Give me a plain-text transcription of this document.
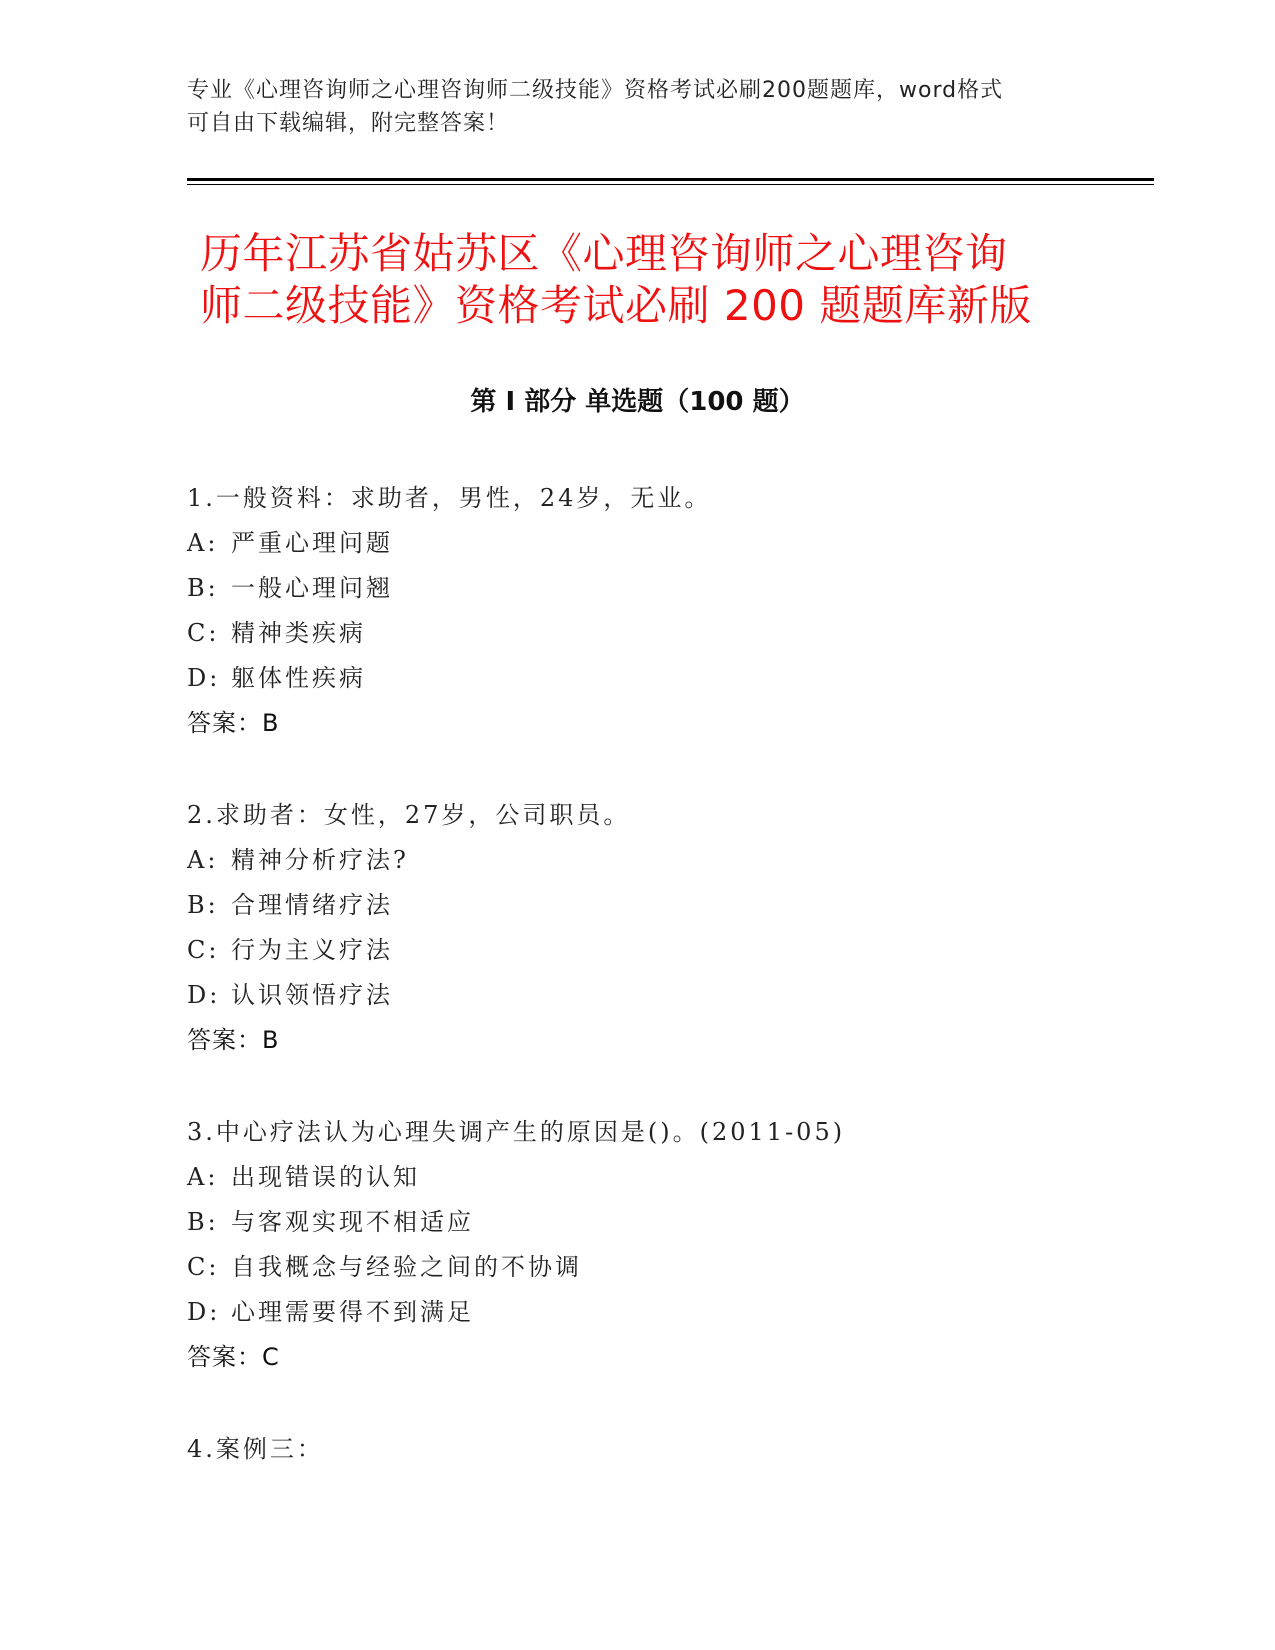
专业《心理咨询师之心理咨询师二级技能》资格考试必刷200题题库，word格式
可自由下载编辑，附完整答案！
历年江苏省姑苏区《心理咨询师之心理咨询
师二级技能》资格考试必刷 200 题题库新版
第 I 部分 单选题（100 题）
1.一般资料：求助者，男性，24岁，无业。
A: 严重心理问题
B: 一般心理问翘
C: 精神类疾病
D: 躯体性疾病
答案：B
2.求助者：女性，27岁，公司职员。
A: 精神分析疗法?
B: 合理情绪疗法
C: 行为主义疗法
D: 认识领悟疗法
答案：B
3.中心疗法认为心理失调产生的原因是()。(2011-05)
A: 出现错误的认知
B: 与客观实现不相适应
C: 自我概念与经验之间的不协调
D: 心理需要得不到满足
答案：C
4.案例三：
